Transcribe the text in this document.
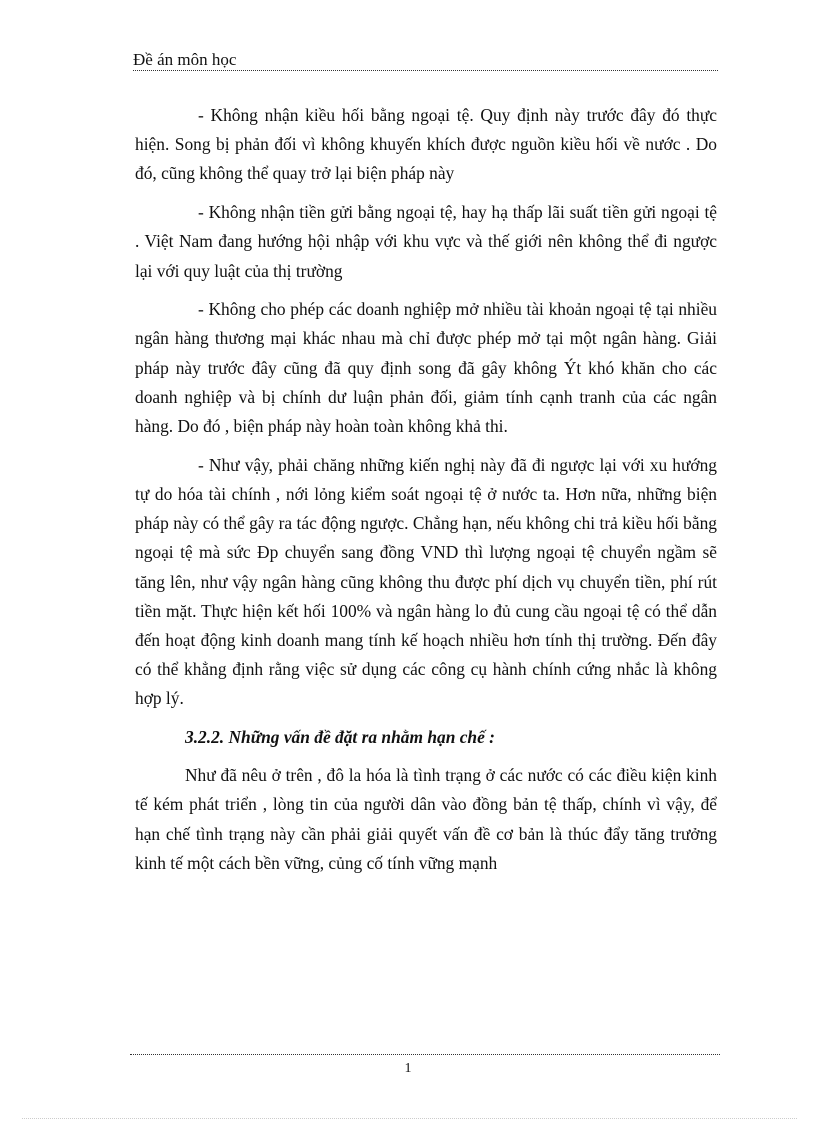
Đề án môn học

- Không nhận kiều hối bằng ngoại tệ. Quy định này trước đây đó thực hiện. Song bị phản đối vì không khuyến khích được nguồn kiều hối về nước . Do đó, cũng không thể quay trở lại biện pháp này

- Không nhận tiền gửi bằng ngoại tệ, hay hạ thấp lãi suất tiền gửi ngoại tệ . Việt Nam đang hướng hội nhập với khu vực và thế giới nên không thể đi ngược lại với quy luật của thị trường

- Không cho phép các doanh nghiệp mở nhiều tài khoản ngoại tệ tại nhiều ngân hàng thương mại khác nhau mà chỉ được phép mở tại một ngân hàng. Giải pháp này trước đây cũng đã quy định song đã gây không Ýt khó khăn cho các doanh nghiệp và bị chính dư luận phản đối, giảm tính cạnh tranh của các ngân hàng. Do đó , biện pháp này hoàn toàn không khả thi.

- Như vậy, phải chăng những kiến nghị này đã đi ngược lại với xu hướng tự do hóa tài chính , nới lỏng kiểm soát ngoại tệ ở nước ta. Hơn nữa, những biện pháp này có thể gây ra tác động ngược. Chẳng hạn, nếu không chi trả kiều hối bằng ngoại tệ mà sức Ðp chuyển sang đồng VND thì lượng ngoại tệ chuyển ngầm sẽ tăng lên, như vậy ngân hàng cũng không thu được phí dịch vụ chuyển tiền, phí rút tiền mặt. Thực hiện kết hối 100% và ngân hàng lo đủ cung cầu ngoại tệ có thể dẫn đến hoạt động kinh doanh mang tính kế hoạch nhiều hơn tính thị trường. Đến đây có thể khẳng định rằng việc sử dụng các công cụ hành chính cứng nhắc là không hợp lý.

3.2.2. Những vấn đề đặt ra nhằm hạn chế :

Như đã nêu ở trên , đô la hóa là tình trạng ở các nước có các điều kiện kinh tế kém phát triển , lòng tin của người dân vào đồng bản tệ thấp, chính vì vậy, để hạn chế tình trạng này cần phải giải quyết vấn đề cơ bản là thúc đẩy tăng trưởng kinh tế một cách bền vững, củng cố tính vững mạnh

1
